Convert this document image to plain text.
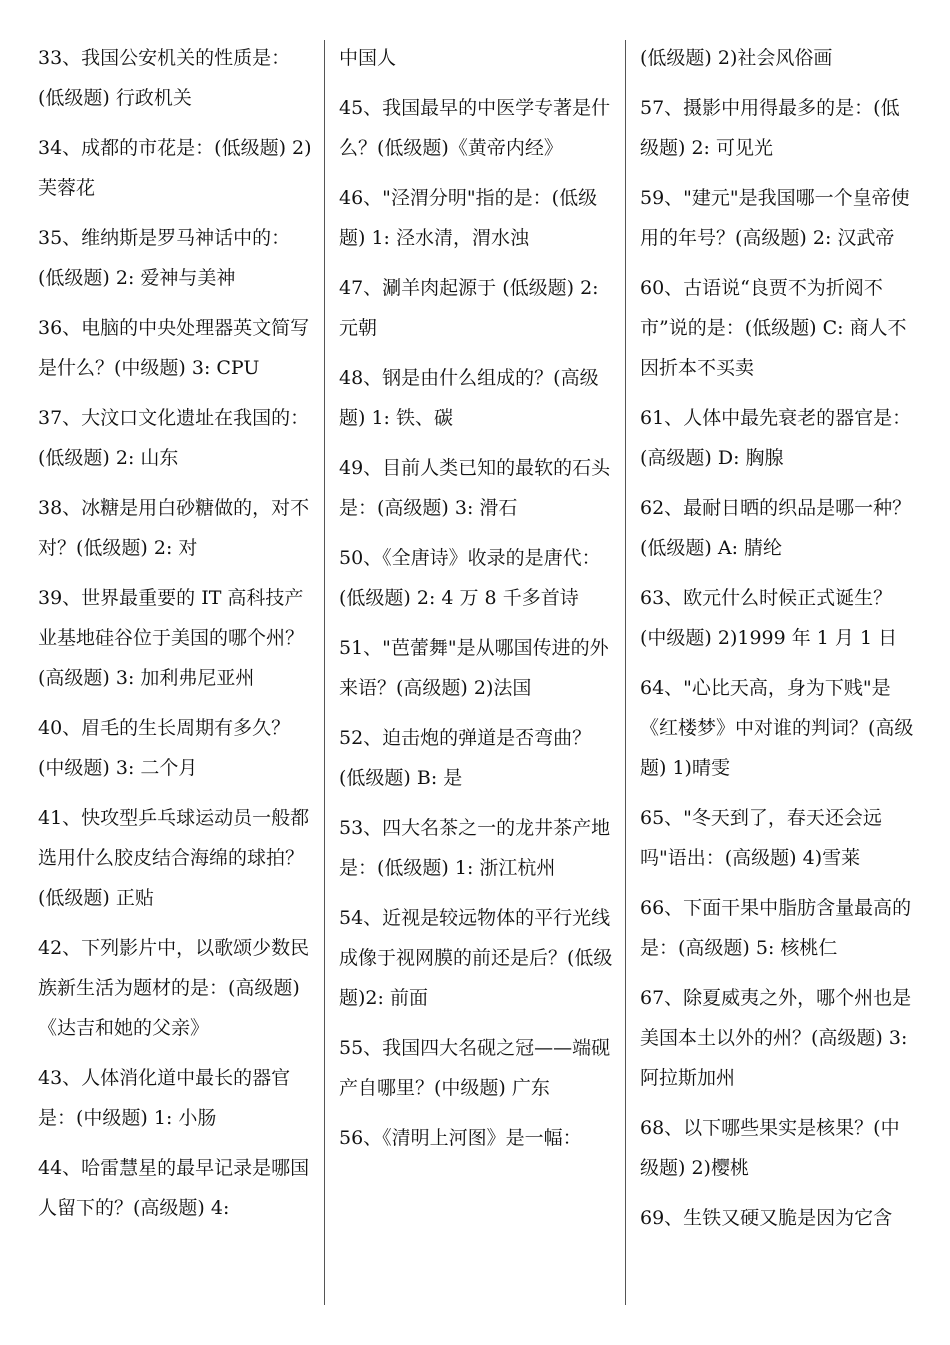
33、我国公安机关的性质是：(低级题) 行政机关

34、成都的市花是：(低级题) 2)芙蓉花

35、维纳斯是罗马神话中的：(低级题) 2: 爱神与美神

36、电脑的中央处理器英文简写是什么？(中级题) 3: CPU

37、大汶口文化遗址在我国的：(低级题) 2: 山东

38、冰糖是用白砂糖做的，对不对？(低级题) 2: 对

39、世界最重要的 IT 高科技产业基地硅谷位于美国的哪个州？(高级题) 3: 加利弗尼亚州

40、眉毛的生长周期有多久？(中级题) 3: 二个月

41、快攻型乒乓球运动员一般都选用什么胶皮结合海绵的球拍？(低级题) 正贴

42、下列影片中，以歌颂少数民族新生活为题材的是：(高级题)《达吉和她的父亲》

43、人体消化道中最长的器官是：(中级题) 1: 小肠

44、哈雷慧星的最早记录是哪国人留下的？(高级题) 4:

中国人

45、我国最早的中医学专著是什么？(低级题)《黄帝内经》

46、"泾渭分明"指的是：(低级题) 1: 泾水清，渭水浊

47、涮羊肉起源于 (低级题) 2: 元朝

48、钢是由什么组成的？(高级题) 1: 铁、碳

49、目前人类已知的最软的石头是：(高级题) 3: 滑石

50、《全唐诗》收录的是唐代：(低级题) 2: 4 万 8 千多首诗

51、"芭蕾舞"是从哪国传进的外来语？(高级题) 2)法国

52、迫击炮的弹道是否弯曲？(低级题) B: 是

53、四大名茶之一的龙井茶产地是：(低级题) 1: 浙江杭州

54、近视是较远物体的平行光线成像于视网膜的前还是后？(低级题)2: 前面

55、我国四大名砚之冠——端砚产自哪里？(中级题) 广东

56、《清明上河图》是一幅：

(低级题) 2)社会风俗画

57、摄影中用得最多的是：(低级题) 2: 可见光

59、"建元"是我国哪一个皇帝使用的年号？(高级题) 2: 汉武帝

60、古语说“良贾不为折阅不市”说的是：(低级题) C: 商人不因折本不买卖

61、人体中最先衰老的器官是：(高级题) D: 胸腺

62、最耐日晒的织品是哪一种？(低级题) A: 腈纶

63、欧元什么时候正式诞生？(中级题) 2)1999 年 1 月 1 日

64、"心比天高，身为下贱"是《红楼梦》中对谁的判词？(高级题) 1)晴雯

65、"冬天到了，春天还会远吗"语出：(高级题) 4)雪莱

66、下面干果中脂肪含量最高的是：(高级题) 5: 核桃仁

67、除夏威夷之外，哪个州也是美国本土以外的州？(高级题) 3: 阿拉斯加州

68、以下哪些果实是核果？(中级题) 2)樱桃

69、生铁又硬又脆是因为它含
